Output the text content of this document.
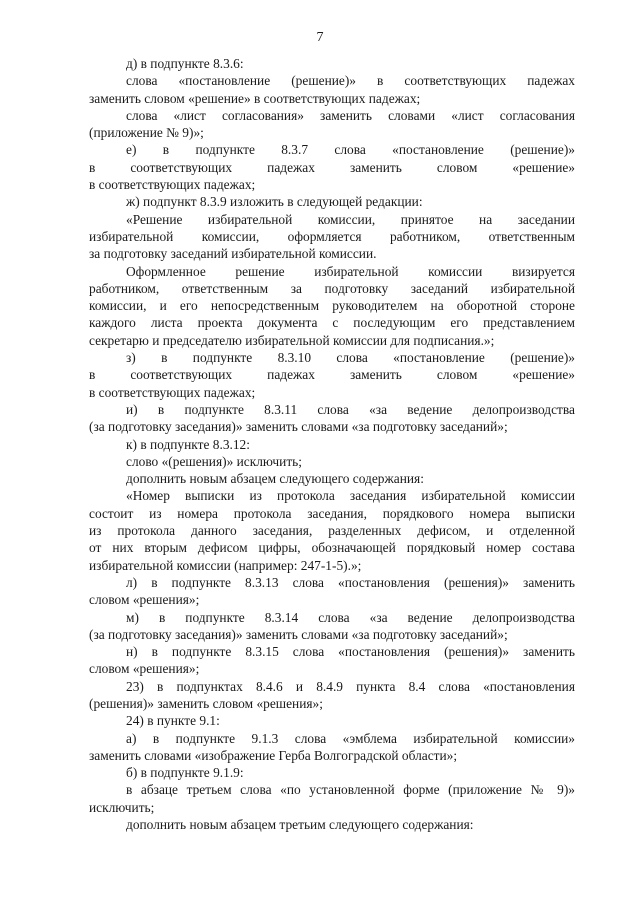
7

д) в подпункте 8.3.6:

слова «постановление (решение)» в соответствующих падежах

заменить словом «решение» в соответствующих падежах;

слова «лист согласования» заменить словами «лист согласования

(приложение № 9)»;

е) в подпункте 8.3.7 слова «постановление (решение)»

в соответствующих падежах заменить словом «решение»

в соответствующих падежах;

ж) подпункт 8.3.9 изложить в следующей редакции:

«Решение избирательной комиссии, принятое на заседании

избирательной комиссии, оформляется работником, ответственным

за подготовку заседаний избирательной комиссии.

Оформленное решение избирательной комиссии визируется

работником, ответственным за подготовку заседаний избирательной

комиссии, и его непосредственным руководителем на оборотной стороне

каждого листа проекта документа с последующим его представлением

секретарю и председателю избирательной комиссии для подписания.»;

з) в подпункте 8.3.10 слова «постановление (решение)»

в соответствующих падежах заменить словом «решение»

в соответствующих падежах;

и) в подпункте 8.3.11 слова «за ведение делопроизводства

(за подготовку заседания)» заменить словами «за подготовку заседаний»;

к) в подпункте 8.3.12:

слово «(решения)» исключить;

дополнить новым абзацем следующего содержания:

«Номер выписки из протокола заседания избирательной комиссии

состоит из номера протокола заседания, порядкового номера выписки

из протокола данного заседания, разделенных дефисом, и отделенной

от них вторым дефисом цифры, обозначающей порядковый номер состава

избирательной комиссии (например: 247-1-5).»;

л) в подпункте 8.3.13 слова «постановления (решения)» заменить

словом «решения»;

м) в подпункте 8.3.14 слова «за ведение делопроизводства

(за подготовку заседания)» заменить словами «за подготовку заседаний»;

н) в подпункте 8.3.15 слова «постановления (решения)» заменить

словом «решения»;

23) в подпунктах 8.4.6 и 8.4.9 пункта 8.4 слова «постановления

(решения)» заменить словом «решения»;

24) в пункте 9.1:

а) в подпункте 9.1.3 слова «эмблема избирательной комиссии»

заменить словами «изображение Герба Волгоградской области»;

б) в подпункте 9.1.9:

в абзаце третьем слова «по установленной форме (приложение № 9)»

исключить;

дополнить новым абзацем третьим следующего содержания:
